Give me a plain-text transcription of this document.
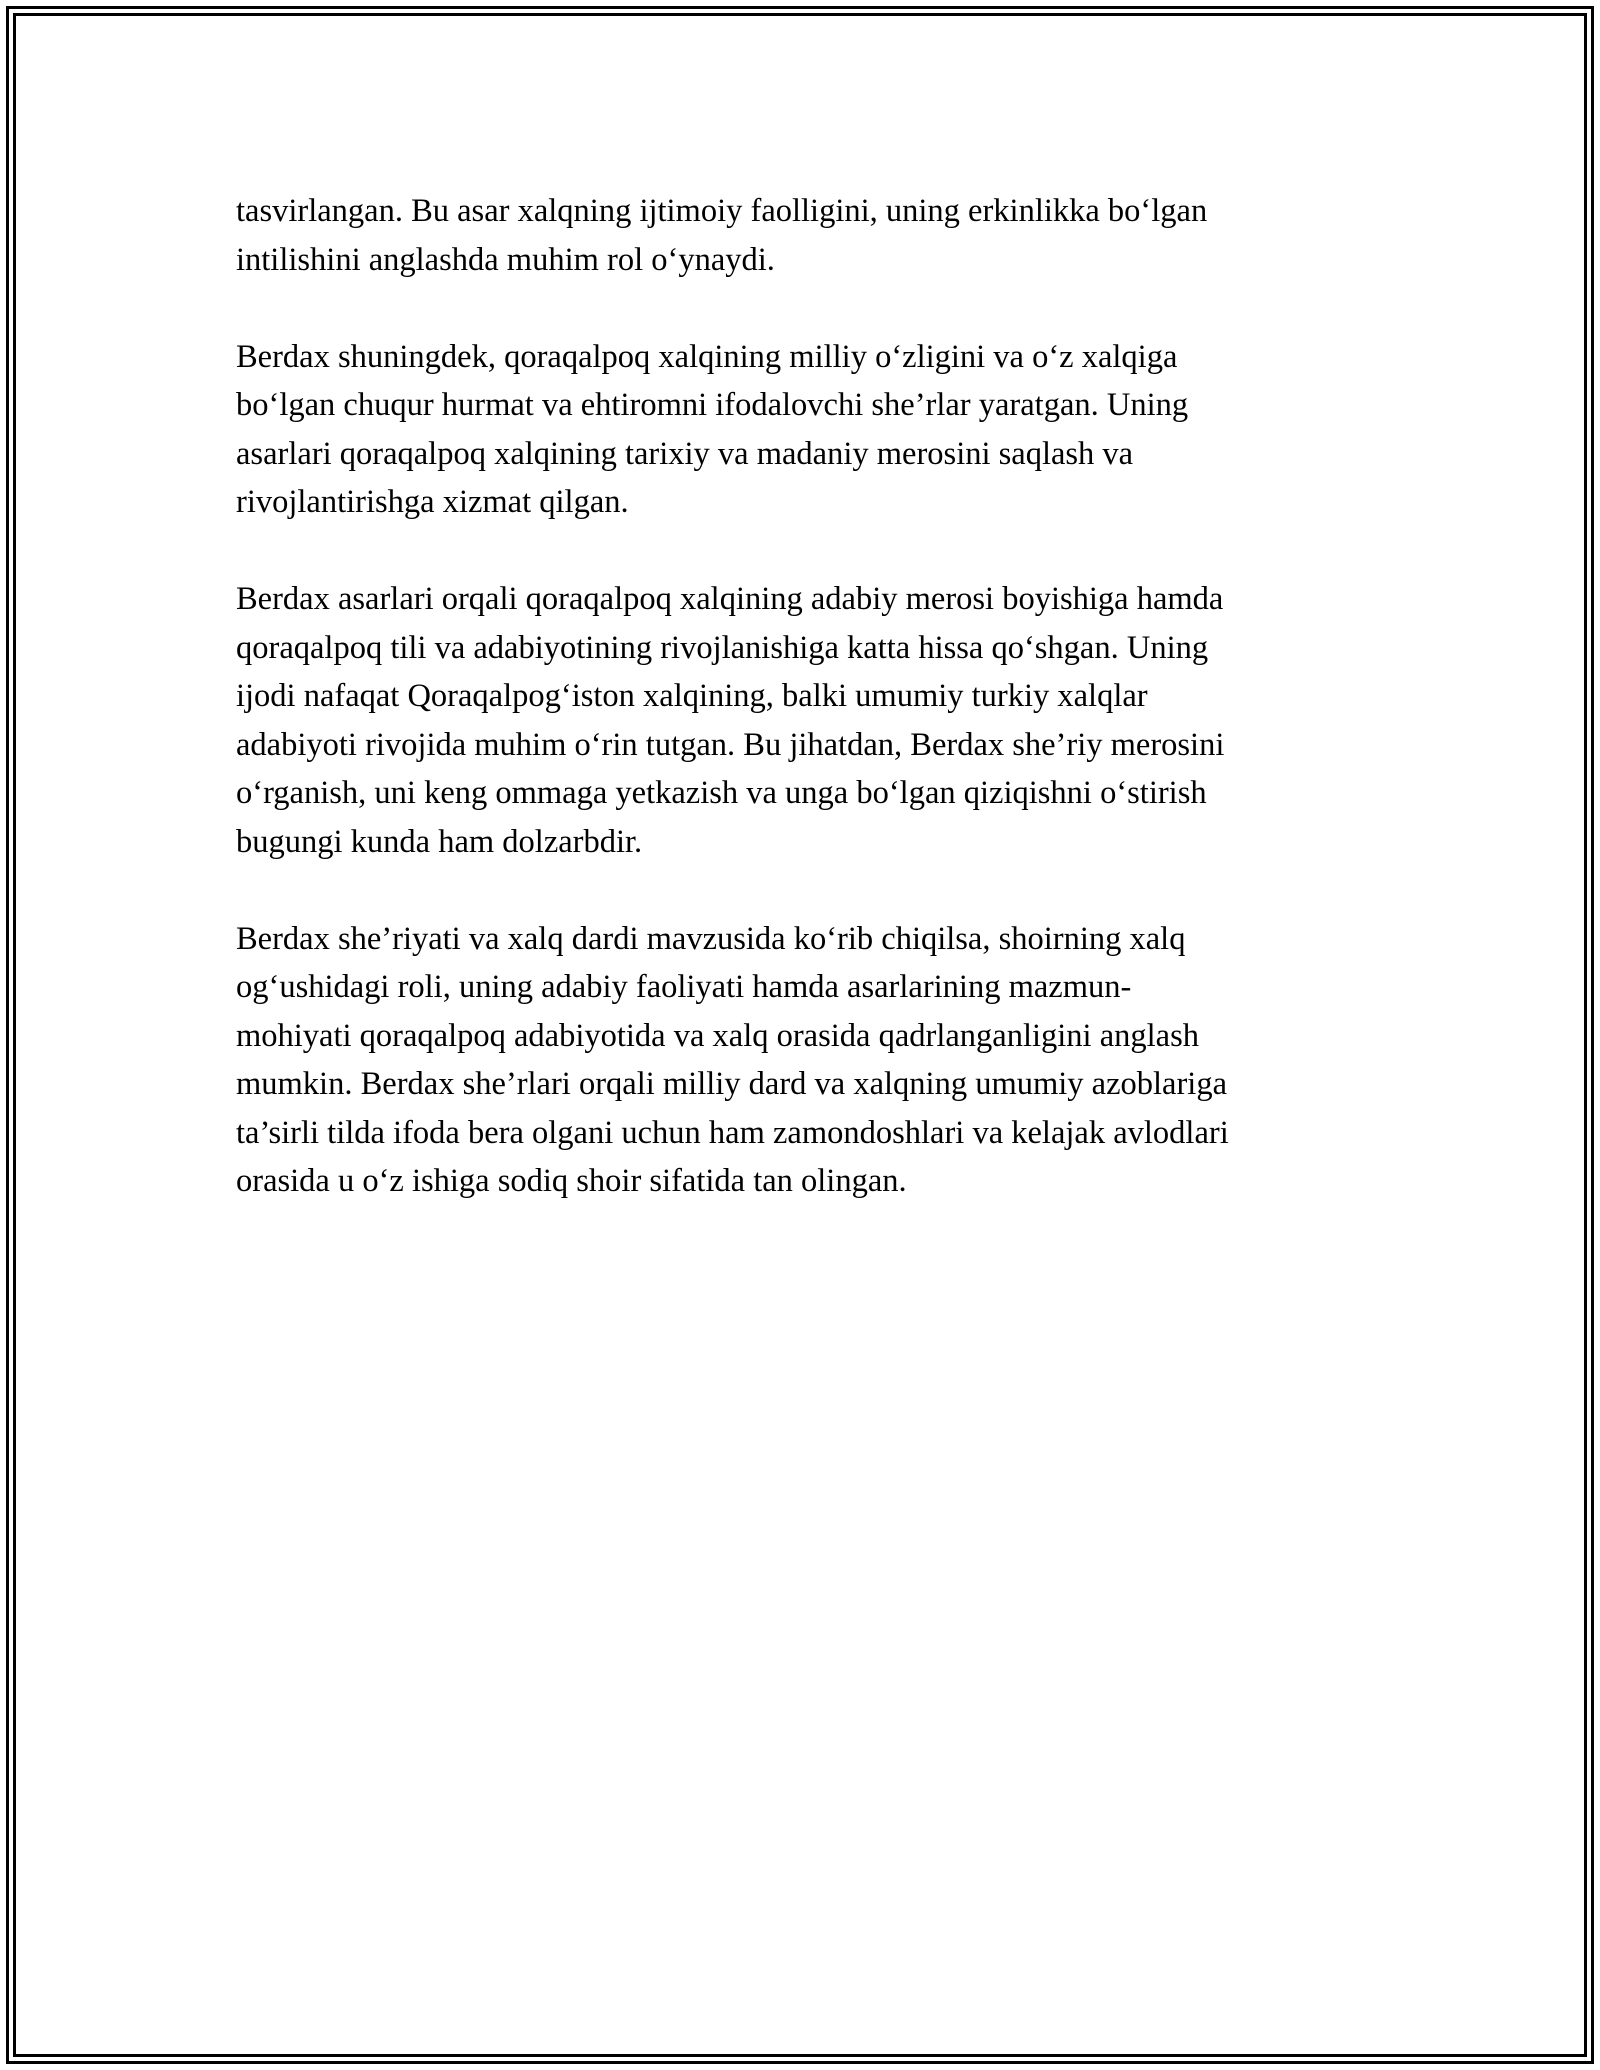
tasvirlangan. Bu asar xalqning ijtimoiy faolligini, uning erkinlikka bo‘lgan
intilishini anglashda muhim rol o‘ynaydi.

Berdax shuningdek, qoraqalpoq xalqining milliy o‘zligini va o‘z xalqiga
bo‘lgan chuqur hurmat va ehtiromni ifodalovchi she’rlar yaratgan. Uning
asarlari qoraqalpoq xalqining tarixiy va madaniy merosini saqlash va
rivojlantirishga xizmat qilgan.

Berdax asarlari orqali qoraqalpoq xalqining adabiy merosi boyishiga hamda
qoraqalpoq tili va adabiyotining rivojlanishiga katta hissa qo‘shgan. Uning
ijodi nafaqat Qoraqalpog‘iston xalqining, balki umumiy turkiy xalqlar
adabiyoti rivojida muhim o‘rin tutgan. Bu jihatdan, Berdax she’riy merosini
o‘rganish, uni keng ommaga yetkazish va unga bo‘lgan qiziqishni o‘stirish
bugungi kunda ham dolzarbdir.

Berdax she’riyati va xalq dardi mavzusida ko‘rib chiqilsa, shoirning xalq
og‘ushidagi roli, uning adabiy faoliyati hamda asarlarining mazmun-
mohiyati qoraqalpoq adabiyotida va xalq orasida qadrlanganligini anglash
mumkin. Berdax she’rlari orqali milliy dard va xalqning umumiy azoblariga
ta’sirli tilda ifoda bera olgani uchun ham zamondoshlari va kelajak avlodlari
orasida u o‘z ishiga sodiq shoir sifatida tan olingan.
